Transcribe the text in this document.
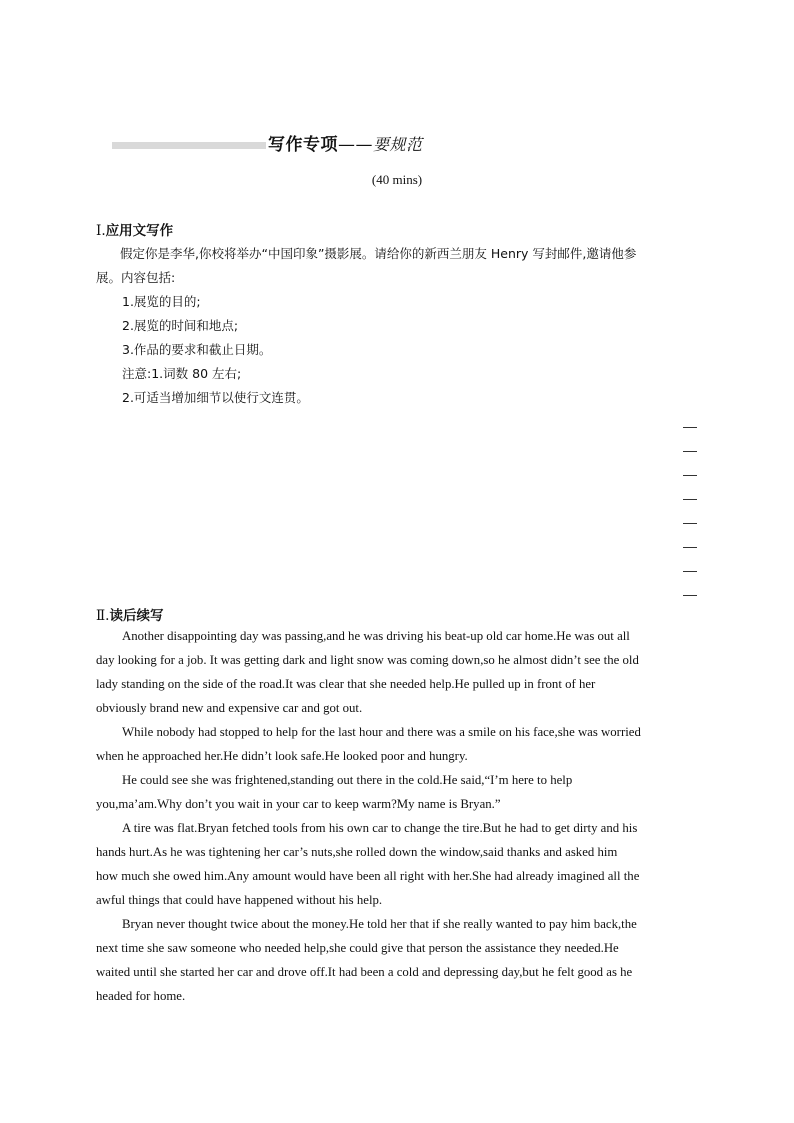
写作专项——要规范
(40 mins)
Ⅰ.应用文写作
假定你是李华,你校将举办“中国印象”摄影展。请给你的新西兰朋友 Henry 写封邮件,邀请他参
展。内容包括:
1.展览的目的;
2.展览的时间和地点;
3.作品的要求和截止日期。
注意:1.词数 80 左右;
2.可适当增加细节以使行文连贯。
Ⅱ.读后续写
Another disappointing day was passing,and he was driving his beat-up old car home.He was out all
day looking for a job. It was getting dark and light snow was coming down,so he almost didn’t see the old
lady standing on the side of the road.It was clear that she needed help.He pulled up in front of her
obviously brand new and expensive car and got out.
While nobody had stopped to help for the last hour and there was a smile on his face,she was worried
when he approached her.He didn’t look safe.He looked poor and hungry.
He could see she was frightened,standing out there in the cold.He said,“I’m here to help
you,ma’am.Why don’t you wait in your car to keep warm?My name is Bryan.”
A tire was flat.Bryan fetched tools from his own car to change the tire.But he had to get dirty and his
hands hurt.As he was tightening her car’s nuts,she rolled down the window,said thanks and asked him
how much she owed him.Any amount would have been all right with her.She had already imagined all the
awful things that could have happened without his help.
Bryan never thought twice about the money.He told her that if she really wanted to pay him back,the
next time she saw someone who needed help,she could give that person the assistance they needed.He
waited until she started her car and drove off.It had been a cold and depressing day,but he felt good as he
headed for home.
